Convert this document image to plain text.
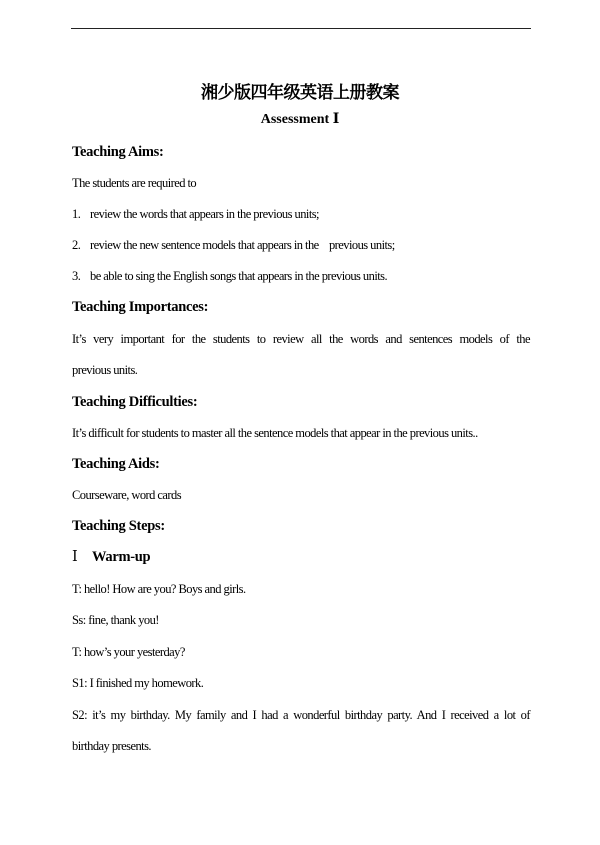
湘少版四年级英语上册教案
Assessment Ⅰ
Teaching Aims:
The students are required to
1. review the words that appears in the previous units;
2. review the new sentence models that appears in the    previous units;
3. be able to sing the English songs that appears in the previous units.
Teaching Importances:
It’s very important for the students to review all the words and sentences models of the
previous units.
Teaching Difficulties:
It’s difficult for students to master all the sentence models that appear in the previous units..
Teaching Aids:
Courseware, word cards
Teaching Steps:
Ⅰ Warm-up
T: hello! How are you? Boys and girls.
Ss: fine, thank you!
T: how’s your yesterday?
S1: I finished my homework.
S2: it’s my birthday. My family and I had a wonderful birthday party. And I received a lot of
birthday presents.
